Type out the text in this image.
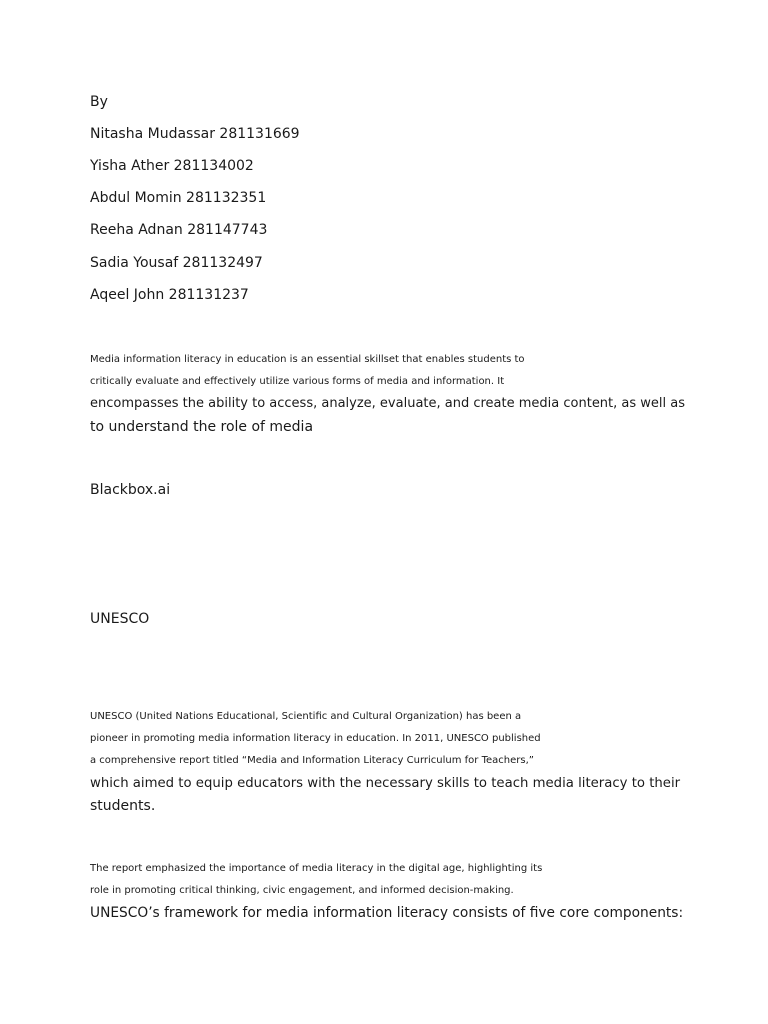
By

Nitasha Mudassar 281131669

Yisha Ather 281134002

Abdul Momin 281132351

Reeha Adnan 281147743

Sadia Yousaf 281132497

Aqeel John 281131237

Media information literacy in education is an essential skillset that enables students to
critically evaluate and effectively utilize various forms of media and information. It
encompasses the ability to access, analyze, evaluate, and create media content, as well as
to understand the role of media

Blackbox.ai

UNESCO

UNESCO (United Nations Educational, Scientific and Cultural Organization) has been a
pioneer in promoting media information literacy in education. In 2011, UNESCO published
a comprehensive report titled “Media and Information Literacy Curriculum for Teachers,”
which aimed to equip educators with the necessary skills to teach media literacy to their
students.

The report emphasized the importance of media literacy in the digital age, highlighting its
role in promoting critical thinking, civic engagement, and informed decision-making.
UNESCO’s framework for media information literacy consists of five core components:
